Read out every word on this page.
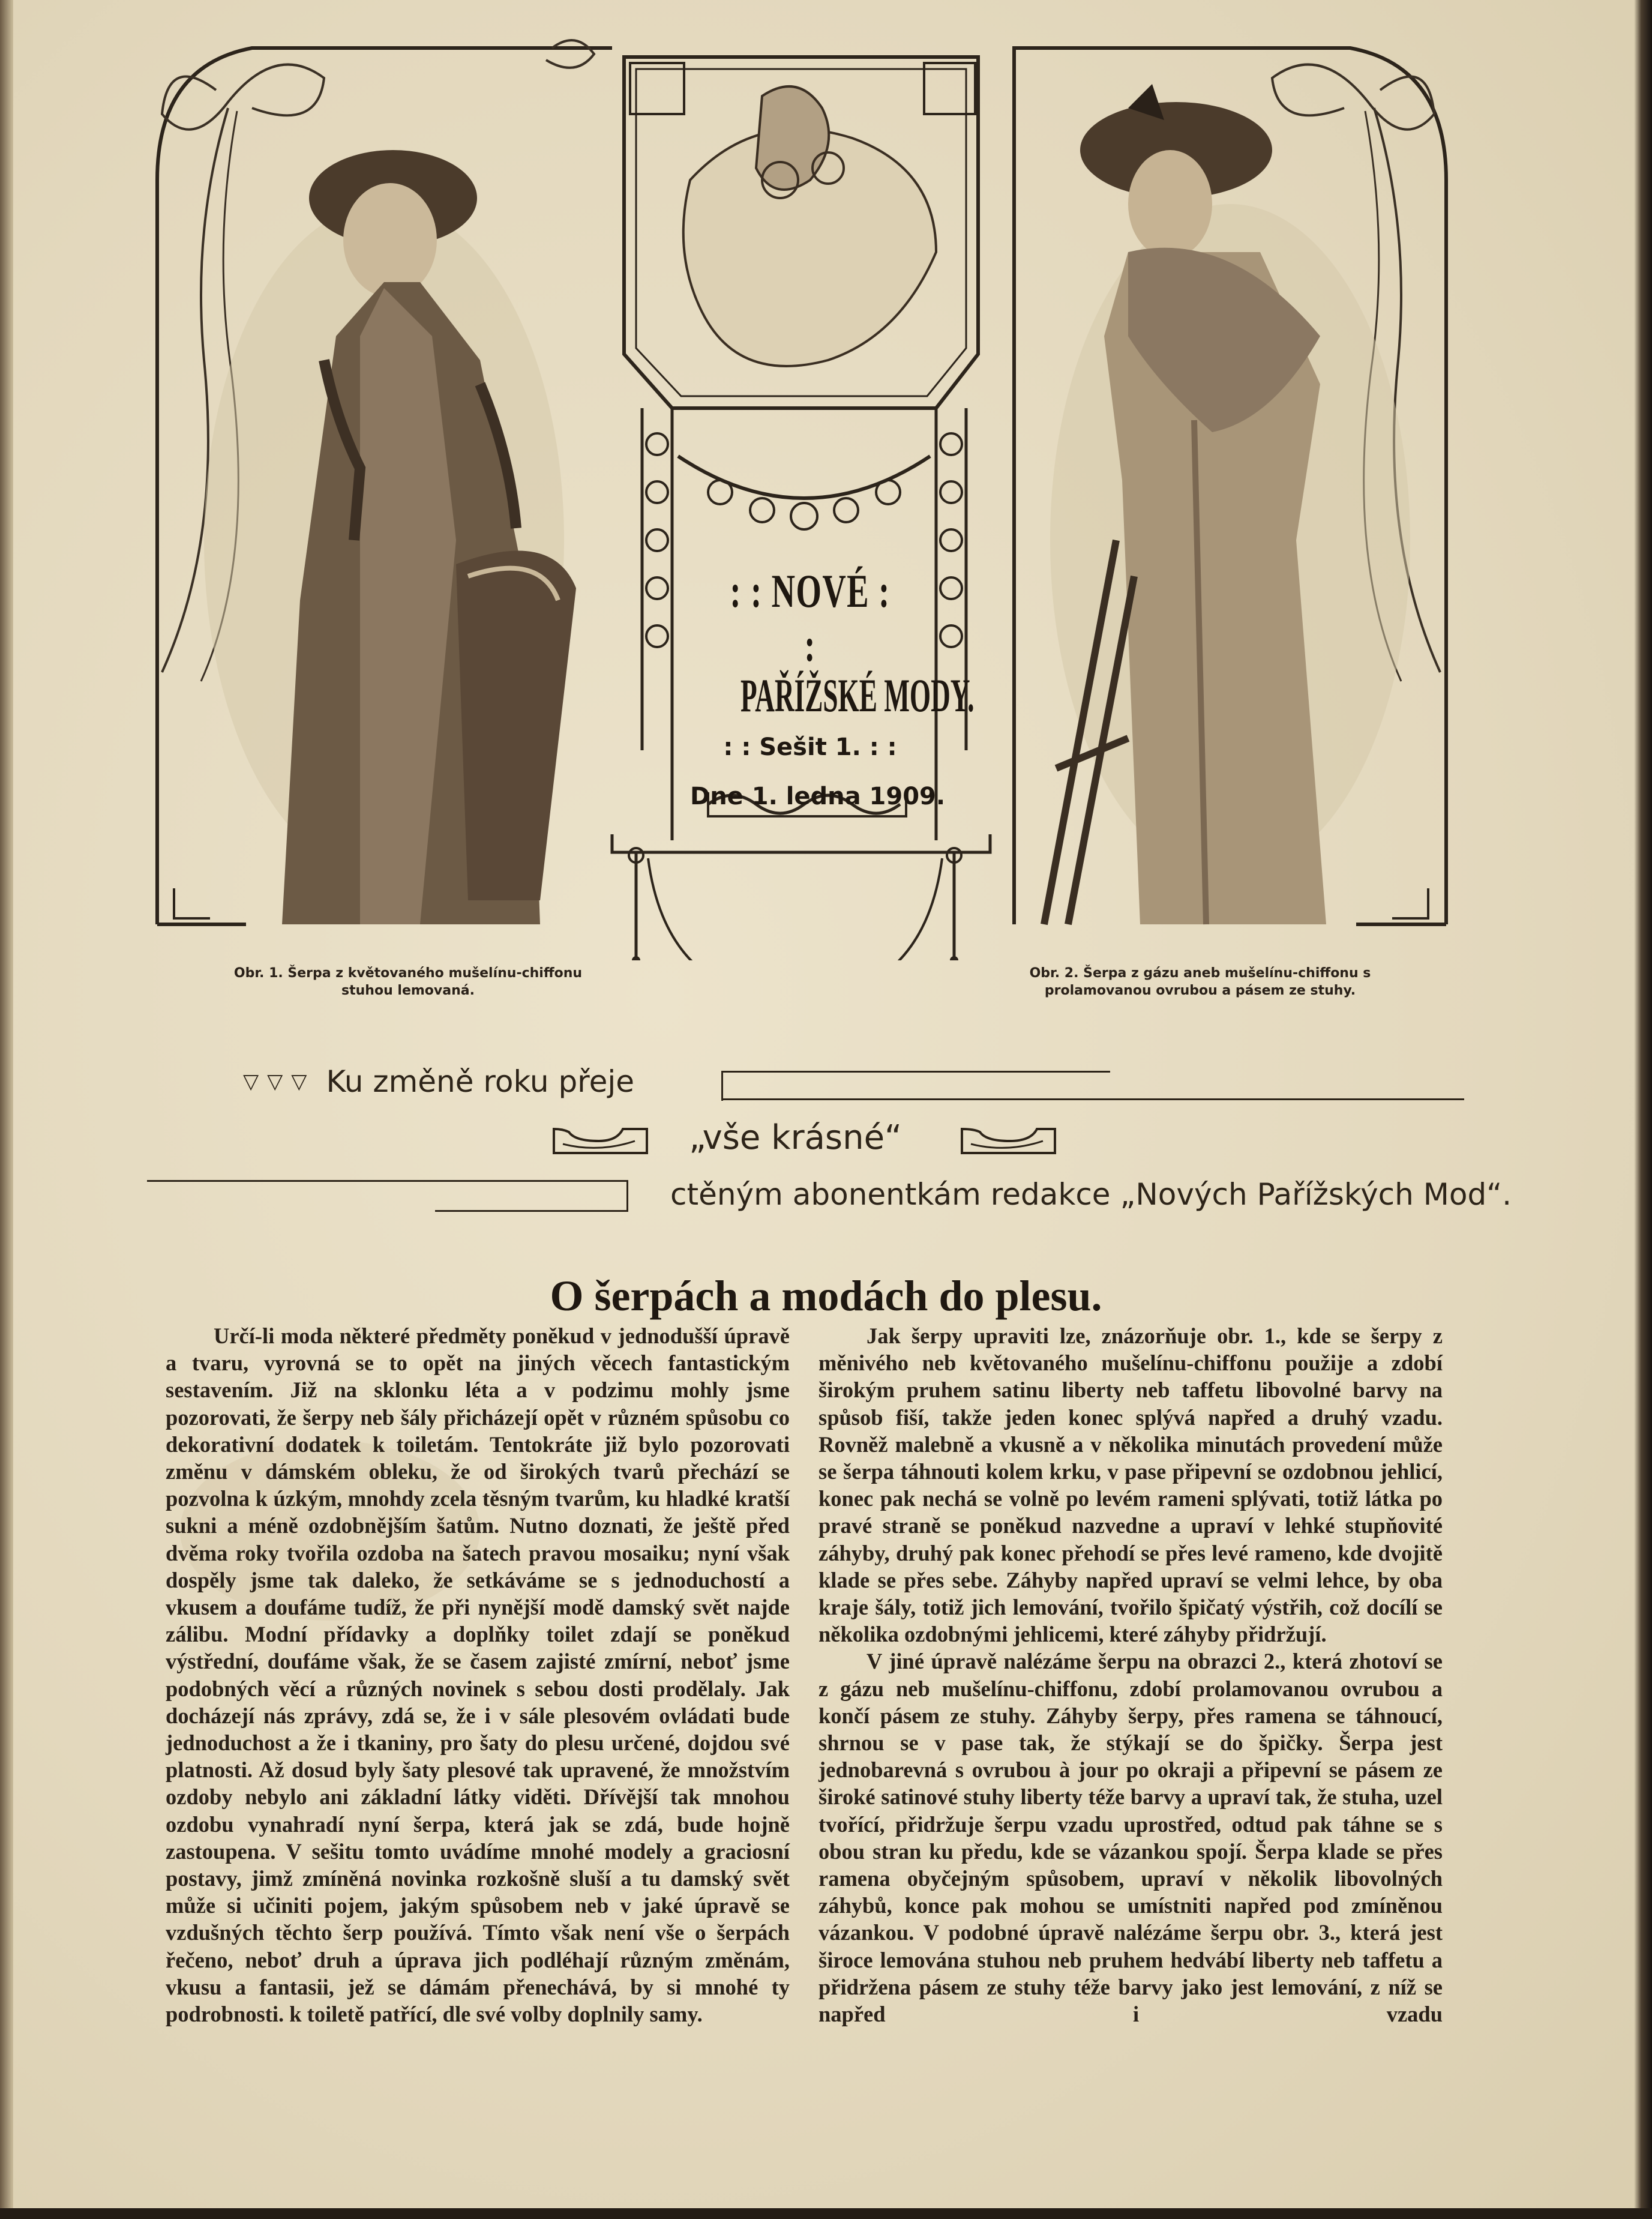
: : NOVÉ : :
PAŘÍŽSKÉ MODY.
: : Sešit 1. : :
Dne 1. ledna 1909.
Obr. 1. Šerpa z květovaného mušelínu-chiffonu stuhou lemovaná.
Obr. 2. Šerpa z gázu aneb mušelínu-chiffonu s prolamovanou ovrubou a pásem ze stuhy.
▽▽▽ Ku změně roku přeje
„vše krásné“
ctěným abonentkám redakce „Nových Pařížských Mod“.
O šerpách a modách do plesu.

Určí-li moda některé předměty poněkud v jednodušší úpravě a tvaru, vyrovná se to opět na jiných věcech fantastickým sestavením. Již na sklonku léta a v podzimu mohly jsme pozorovati, že šerpy neb šály přicházejí opět v různém spůsobu co dekorativní dodatek k toiletám. Tentokráte již bylo pozorovati změnu v dámském obleku, že od širokých tvarů přechází se pozvolna k úzkým, mnohdy zcela těsným tvarům, ku hladké kratší sukni a méně ozdobnějším šatům. Nutno doznati, že ještě před dvěma roky tvořila ozdoba na šatech pravou mosaiku; nyní však dospěly jsme tak daleko, že setkáváme se s jednoduchostí a vkusem a doufáme tudíž, že při nynější modě damský svět najde zálibu. Modní přídavky a doplňky toilet zdají se poněkud výstřední, doufáme však, že se časem zajisté zmírní, neboť jsme podobných věcí a různých novinek s sebou dosti prodělaly. Jak docházejí nás zprávy, zdá se, že i v sále plesovém ovládati bude jednoduchost a že i tkaniny, pro šaty do plesu určené, dojdou své platnosti. Až dosud byly šaty plesové tak upravené, že množstvím ozdoby nebylo ani základní látky viděti. Dřívější tak mnohou ozdobu vynahradí nyní šerpa, která jak se zdá, bude hojně zastoupena. V sešitu tomto uvádíme mnohé modely a graciosní postavy, jimž zmíněná novinka rozkošně sluší a tu damský svět může si učiniti pojem, jakým spůsobem neb v jaké úpravě se vzdušných těchto šerp používá. Tímto však není vše o šerpách řečeno, neboť druh a úprava jich podléhají různým změnám, vkusu a fantasii, jež se dámám přenechává, by si mnohé ty podrobnosti. k toiletě patřící, dle své volby doplnily samy.

Jak šerpy upraviti lze, znázorňuje obr. 1., kde se šerpy z měnivého neb květovaného mušelínu-chiffonu použije a zdobí širokým pruhem satinu liberty neb taffetu libovolné barvy na spůsob fiší, takže jeden konec splývá napřed a druhý vzadu. Rovněž malebně a vkusně a v několika minutách provedení může se šerpa táhnouti kolem krku, v pase připevní se ozdobnou jehlicí, konec pak nechá se volně po levém rameni splývati, totiž látka po pravé straně se poněkud nazvedne a upraví v lehké stupňovité záhyby, druhý pak konec přehodí se přes levé rameno, kde dvojitě klade se přes sebe. Záhyby napřed upraví se velmi lehce, by oba kraje šály, totiž jich lemování, tvořilo špičatý výstřih, což docílí se několika ozdobnými jehlicemi, které záhyby přidržují.

V jiné úpravě nalézáme šerpu na obrazci 2., která zhotoví se z gázu neb mušelínu-chiffonu, zdobí prolamovanou ovrubou a končí pásem ze stuhy. Záhyby šerpy, přes ramena se táhnoucí, shrnou se v pase tak, že stýkají se do špičky. Šerpa jest jednobarevná s ovrubou à jour po okraji a připevní se pásem ze široké satinové stuhy liberty téže barvy a upraví tak, že stuha, uzel tvořící, přidržuje šerpu vzadu uprostřed, odtud pak táhne se s obou stran ku předu, kde se vázankou spojí. Šerpa klade se přes ramena obyčejným spůsobem, upraví v několik libovolných záhybů, konce pak mohou se umístniti napřed pod zmíněnou vázankou. V podobné úpravě nalézáme šerpu obr. 3., která jest široce lemována stuhou neb pruhem hedvábí liberty neb taffetu a přidržena pásem ze stuhy téže barvy jako jest lemování, z níž se napřed i vzadu
